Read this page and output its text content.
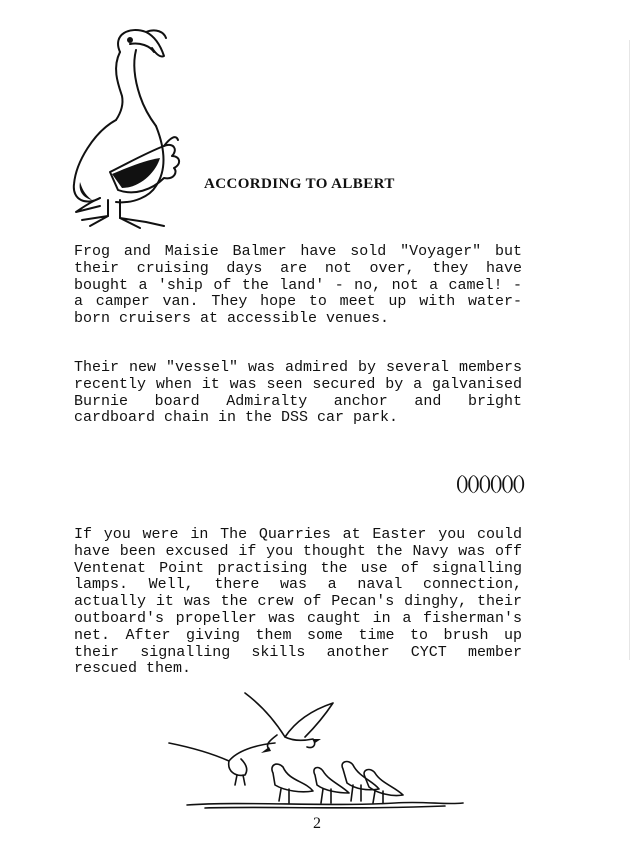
ACCORDING TO ALBERT

Frog and Maisie Balmer have sold "Voyager" but their cruising days are not over, they have bought a 'ship of the land' - no, not a camel! - a camper van. They hope to meet up with water-born cruisers at accessible venues.

Their new "vessel" was admired by several members recently when it was seen secured by a galvanised Burnie board Admiralty anchor and bright cardboard chain in the DSS car park.

()()()()()()

If you were in The Quarries at Easter you could have been excused if you thought the Navy was off Ventenat Point practising the use of signalling lamps. Well, there was a naval connection, actually it was the crew of Pecan's dinghy, their outboard's propeller was caught in a fisherman's net. After giving them some time to brush up their signalling skills another CYCT member rescued them.

2
